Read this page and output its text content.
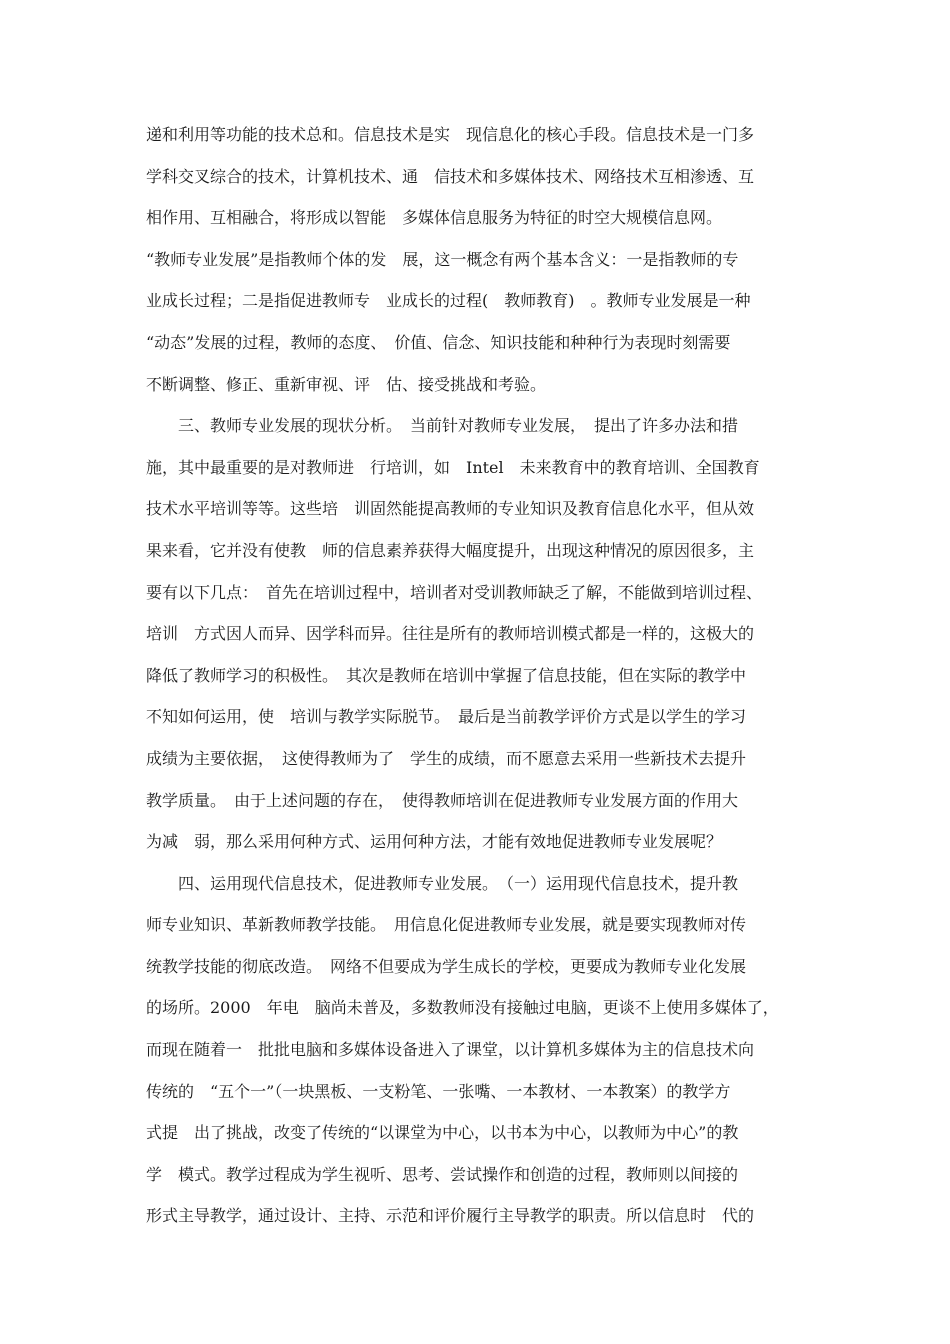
递和利用等功能的技术总和。信息技术是实　现信息化的核心手段。信息技术是一门多
学科交叉综合的技术，计算机技术、通　信技术和多媒体技术、网络技术互相渗透、互
相作用、互相融合，将形成以智能　多媒体信息服务为特征的时空大规模信息网。
“教师专业发展”是指教师个体的发　展，这一概念有两个基本含义：一是指教师的专
业成长过程；二是指促进教师专　业成长的过程(　教师教育)　。教师专业发展是一种
“动态”发展的过程，教师的态度、　价值、信念、知识技能和种种行为表现时刻需要
不断调整、修正、重新审视、评　估、接受挑战和考验。
三、教师专业发展的现状分析。　当前针对教师专业发展，　提出了许多办法和措
施，其中最重要的是对教师进　行培训，如　Intel　未来教育中的教育培训、全国教育
技术水平培训等等。这些培　训固然能提高教师的专业知识及教育信息化水平，但从效
果来看，它并没有使教　师的信息素养获得大幅度提升，出现这种情况的原因很多，主
要有以下几点：　首先在培训过程中，培训者对受训教师缺乏了解，不能做到培训过程、
培训　方式因人而异、因学科而异。往往是所有的教师培训模式都是一样的，这极大的
降低了教师学习的积极性。　其次是教师在培训中掌握了信息技能，但在实际的教学中
不知如何运用，使　培训与教学实际脱节。　最后是当前教学评价方式是以学生的学习
成绩为主要依据，　这使得教师为了　学生的成绩，而不愿意去采用一些新技术去提升
教学质量。　由于上述问题的存在，　使得教师培训在促进教师专业发展方面的作用大
为减　弱，那么采用何种方式、运用何种方法，才能有效地促进教师专业发展呢？
四、运用现代信息技术，促进教师专业发展。　（一）运用现代信息技术，提升教
师专业知识、革新教师教学技能。　用信息化促进教师专业发展，就是要实现教师对传
统教学技能的彻底改造。　网络不但要成为学生成长的学校，更要成为教师专业化发展
的场所。2000　年电　脑尚未普及，多数教师没有接触过电脑，更谈不上使用多媒体了，
而现在随着一　批批电脑和多媒体设备进入了课堂，以计算机多媒体为主的信息技术向
传统的　“五个一”（一块黑板、一支粉笔、一张嘴、一本教材、一本教案）的教学方
式提　出了挑战，改变了传统的“以课堂为中心，以书本为中心，以教师为中心”的教
学　模式。教学过程成为学生视听、思考、尝试操作和创造的过程，教师则以间接的
形式主导教学，通过设计、主持、示范和评价履行主导教学的职责。所以信息时　代的
